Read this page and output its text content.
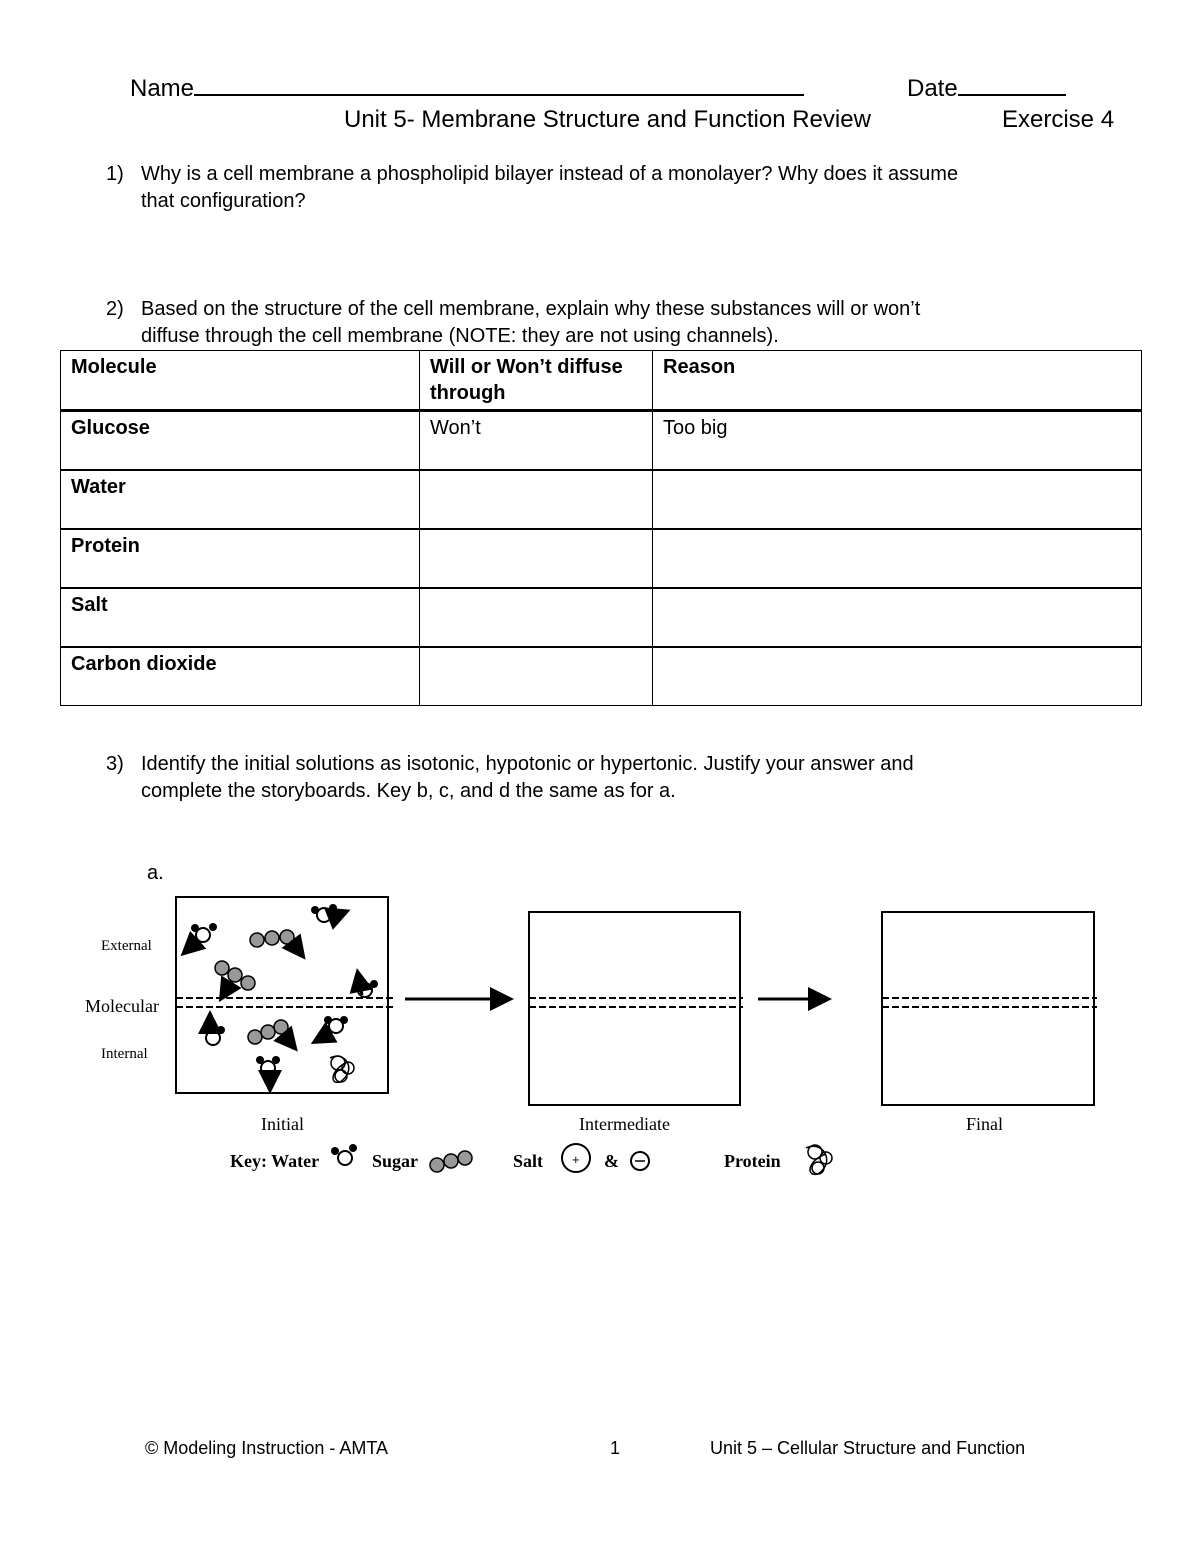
Name	Date
Unit 5- Membrane Structure and Function Review	Exercise 4
1) Why is a cell membrane a phospholipid bilayer instead of a monolayer? Why does it assume
that configuration?
2) Based on the structure of the cell membrane, explain why these substances will or won’t
diffuse through the cell membrane (NOTE: they are not using channels).
Molecule	Will or Won’t diffuse through	Reason
Glucose	Won’t	Too big
Water		
Protein		
Salt		
Carbon dioxide		
3) Identify the initial solutions as isotonic, hypotonic or hypertonic. Justify your answer and
complete the storyboards. Key b, c, and d the same as for a.
a.
External
Molecular
Internal
Initial	Intermediate	Final
Key: Water	Sugar	Salt + &	Protein
© Modeling Instruction - AMTA	1	Unit 5 – Cellular Structure and Function
